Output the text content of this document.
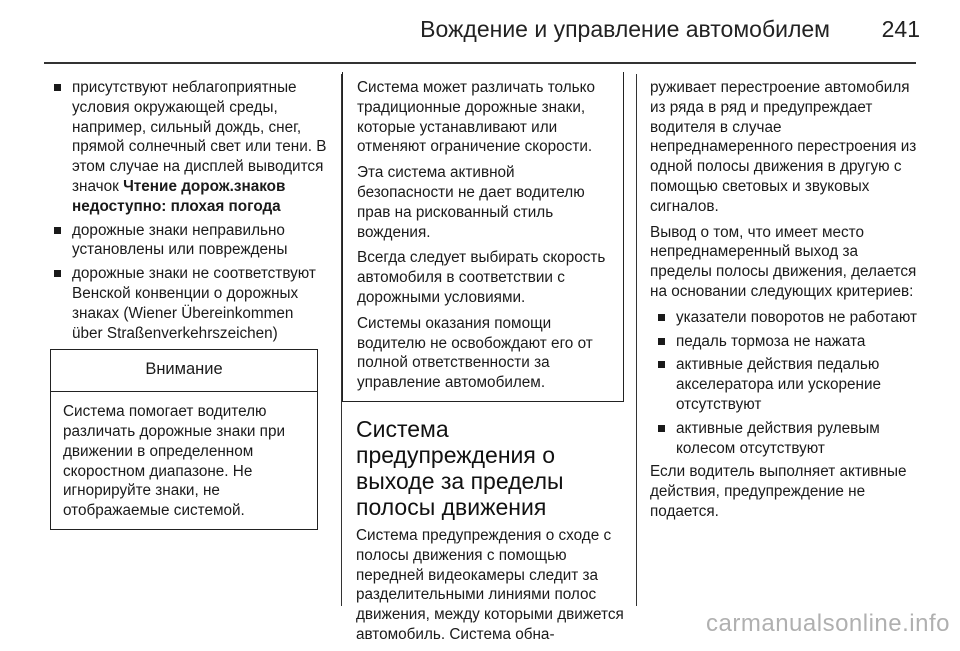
Вождение и управление автомобилем 241
присутствуют неблагоприятные условия окружающей среды, например, сильный дождь, снег, прямой солнечный свет или тени. В этом случае на дисплей выводится значок Чтение дорож.знаков недоступно: плохая погода
дорожные знаки неправильно установлены или повреждены
дорожные знаки не соответствуют Венской конвенции о дорожных знаках (Wiener Übereinkommen über Straßenverkehrszeichen)
Внимание
Система помогает водителю различать дорожные знаки при движении в определенном скоростном диапазоне. Не игнорируйте знаки, не отображаемые системой.

Система может различать только традиционные дорожные знаки, которые устанавливают или отменяют ограничение скорости.

Эта система активной безопасности не дает водителю прав на рискованный стиль вождения.

Всегда следует выбирать скорость автомобиля в соответствии с дорожными условиями.

Системы оказания помощи водителю не освобождают его от полной ответственности за управление автомобилем.

Система предупреждения о выходе за пределы полосы движения

Система предупреждения о сходе с полосы движения с помощью передней видеокамеры следит за разделительными линиями полос движения, между которыми движется автомобиль. Система обна-

руживает перестроение автомобиля из ряда в ряд и предупреждает водителя в случае непреднамеренного перестроения из одной полосы движения в другую с помощью световых и звуковых сигналов.

Вывод о том, что имеет место непреднамеренный выход за пределы полосы движения, делается на основании следующих критериев:

указатели поворотов не работают
педаль тормоза не нажата
активные действия педалью акселератора или ускорение отсутствуют
активные действия рулевым колесом отсутствуют

Если водитель выполняет активные действия, предупреждение не подается.

carmanualsonline.info
